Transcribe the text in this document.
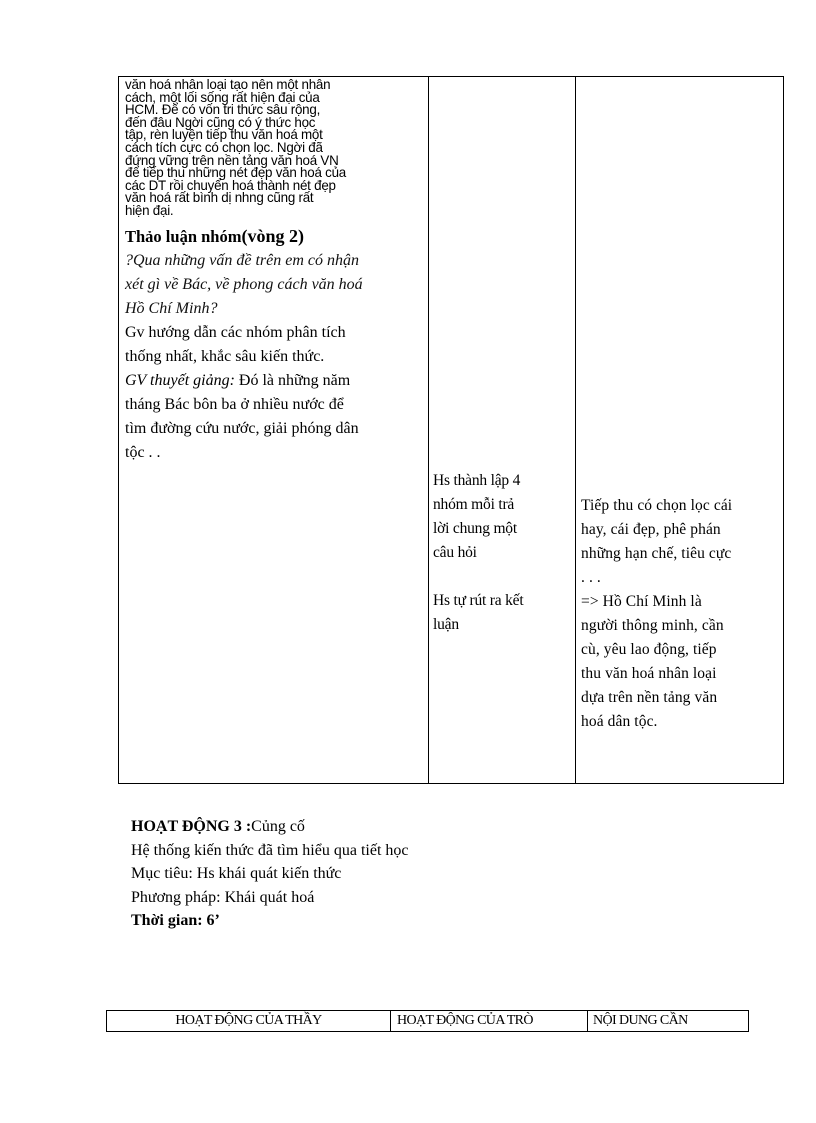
văn hoá nhân loại tạo nên một nhân
cách, một lối sống rất hiện đại của
HCM. Để có vốn tri thức sâu rộng,
đến đâu Ngời cũng có ý thức học
tập, rèn luyện tiếp thu văn hoá một
cách tích cực có chọn lọc. Ngời đã
đứng vững trên nền tảng văn hoá VN
để tiếp thu những nét đẹp văn hoá của
các DT rồi chuyển hoá thành nét đẹp
văn hoá rất bình dị nhng cũng rất
hiện đại.
Thảo luận nhóm(vòng 2)
?Qua những vấn đề trên em có nhận
xét gì về Bác, về phong cách văn hoá
Hồ Chí Minh?
Gv hướng dẫn các nhóm phân tích
thống nhất, khắc sâu kiến thức.
GV thuyết giảng: Đó là những năm
tháng Bác bôn ba ở nhiều nước để
tìm đường cứu nước, giải phóng dân
tộc . .
Hs thành lập 4
nhóm mỗi trả
lời chung một
câu hỏi
Hs tự rút ra kết
luận
Tiếp thu có chọn lọc cái
hay, cái đẹp, phê phán
những hạn chế, tiêu cực
. . .
=> Hồ Chí Minh là
người thông minh, cần
cù, yêu lao động, tiếp
thu văn hoá nhân loại
dựa trên nền tảng văn
hoá dân tộc.
HOẠT ĐỘNG 3 :Củng cố
Hệ thống kiến thức đã tìm hiểu qua tiết học
Mục tiêu: Hs khái quát kiến thức
Phương pháp: Khái quát hoá
Thời gian: 6’
HOẠT ĐỘNG CỦA THẦY	HOẠT ĐỘNG CỦA TRÒ	NỘI DUNG CẦN
